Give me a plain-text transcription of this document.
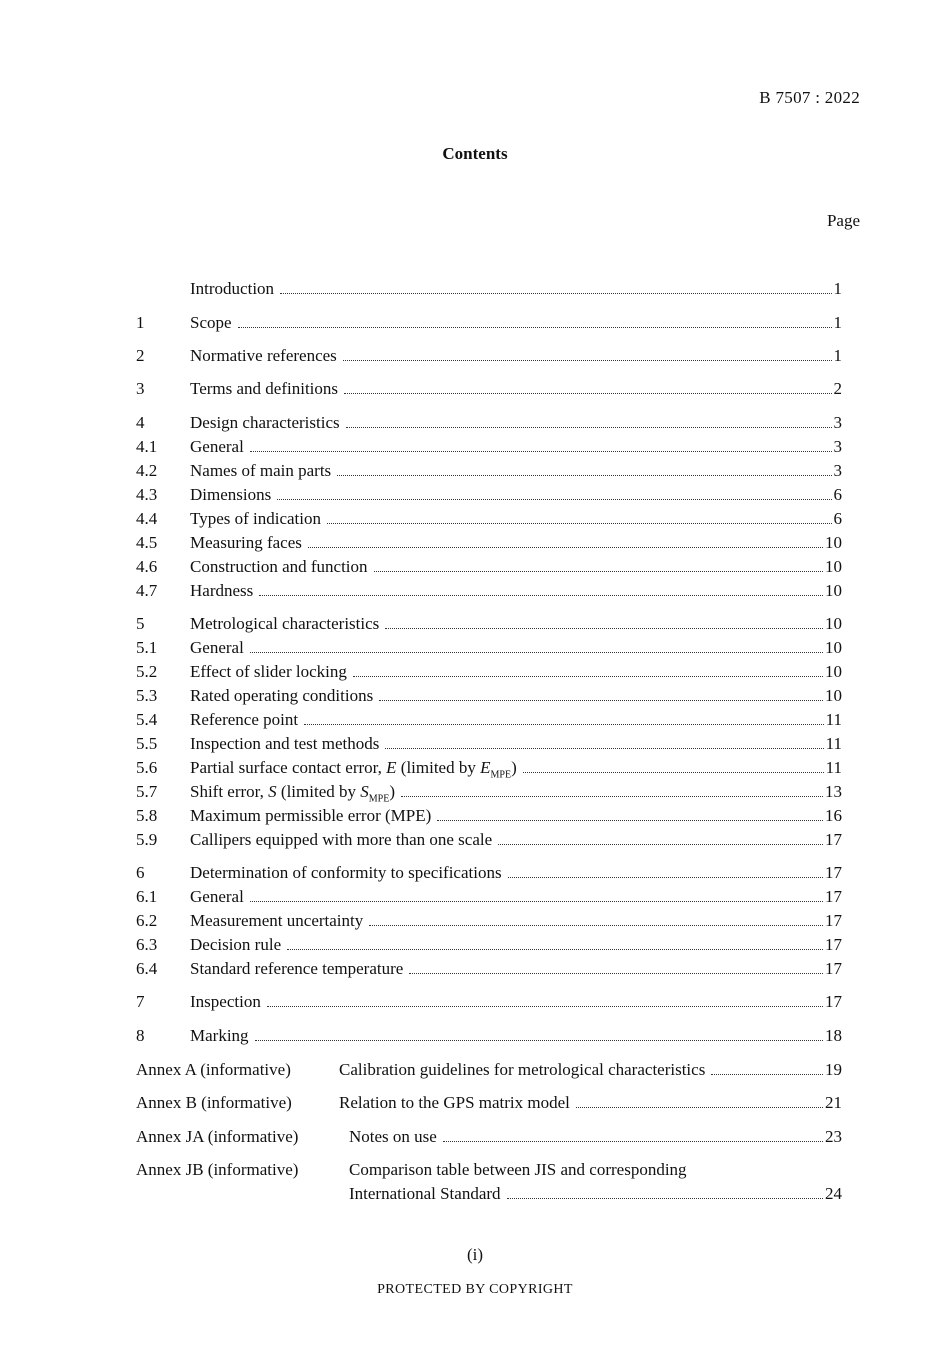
B 7507 : 2022
Contents
Page
Introduction	1
1	Scope	1
2	Normative references	1
3	Terms and definitions	2
4	Design characteristics	3
4.1 General	3
4.2 Names of main parts	3
4.3 Dimensions	6
4.4 Types of indication	6
4.5 Measuring faces	10
4.6 Construction and function	10
4.7 Hardness	10
5	Metrological characteristics	10
5.1 General	10
5.2 Effect of slider locking	10
5.3 Rated operating conditions	10
5.4 Reference point	11
5.5 Inspection and test methods	11
5.6 Partial surface contact error, E (limited by $E_{MPE}$)	11
5.7 Shift error, S (limited by $S_{MPE}$)	13
5.8 Maximum permissible error (MPE)	16
5.9 Callipers equipped with more than one scale	17
6	Determination of conformity to specifications	17
6.1 General	17
6.2 Measurement uncertainty	17
6.3 Decision rule	17
6.4 Standard reference temperature	17
7	Inspection	17
8	Marking	18
Annex A (informative)	Calibration guidelines for metrological characteristics	19
Annex B (informative)	Relation to the GPS matrix model	21
Annex JA (informative)	Notes on use	23
Annex JB (informative)	Comparison table between JIS and corresponding
International Standard	24
(i)
PROTECTED BY COPYRIGHT
